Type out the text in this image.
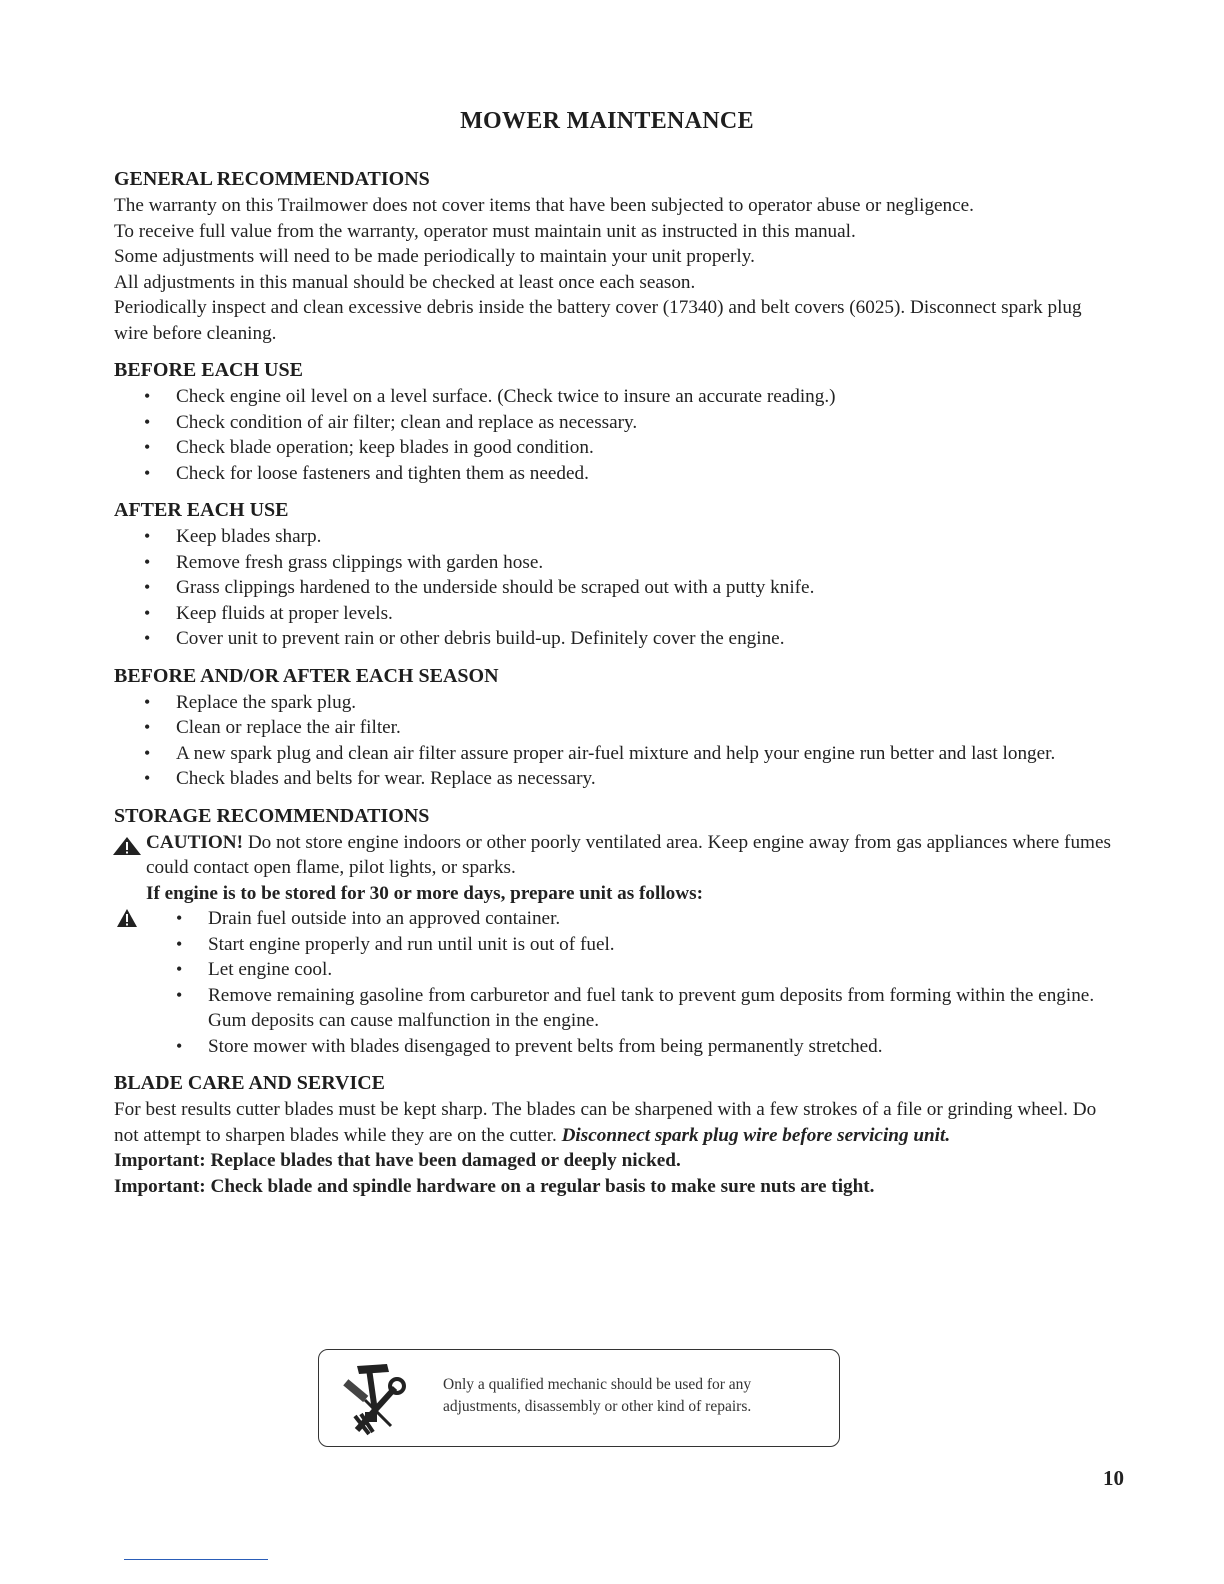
MOWER MAINTENANCE
GENERAL RECOMMENDATIONS

The warranty on this Trailmower does not cover items that have been subjected to operator abuse or negligence.

To receive full value from the warranty, operator must maintain unit as instructed in this manual.

Some adjustments will need to be made periodically to maintain your unit properly.

All adjustments in this manual should be checked at least once each season.

Periodically inspect and clean excessive debris inside the battery cover (17340) and belt covers (6025). Disconnect spark plug wire before cleaning.

BEFORE EACH USE
• Check engine oil level on a level surface. (Check twice to insure an accurate reading.)
• Check condition of air filter; clean and replace as necessary.
• Check blade operation; keep blades in good condition.
• Check for loose fasteners and tighten them as needed.
AFTER EACH USE
• Keep blades sharp.
• Remove fresh grass clippings with garden hose.
• Grass clippings hardened to the underside should be scraped out with a putty knife.
• Keep fluids at proper levels.
• Cover unit to prevent rain or other debris build-up. Definitely cover the engine.
BEFORE AND/OR AFTER EACH SEASON
• Replace the spark plug.
• Clean or replace the air filter.
• A new spark plug and clean air filter assure proper air-fuel mixture and help your engine run better and last longer.
• Check blades and belts for wear. Replace as necessary.
STORAGE RECOMMENDATIONS

CAUTION! Do not store engine indoors or other poorly ventilated area. Keep engine away from gas appliances where fumes could contact open flame, pilot lights, or sparks.

If engine is to be stored for 30 or more days, prepare unit as follows:

• Drain fuel outside into an approved container.
• Start engine properly and run until unit is out of fuel.
• Let engine cool.
• Remove remaining gasoline from carburetor and fuel tank to prevent gum deposits from forming within the engine. Gum deposits can cause malfunction in the engine.
• Store mower with blades disengaged to prevent belts from being permanently stretched.
BLADE CARE AND SERVICE

For best results cutter blades must be kept sharp. The blades can be sharpened with a few strokes of a file or grinding wheel. Do not attempt to sharpen blades while they are on the cutter. Disconnect spark plug wire before servicing unit.

Important: Replace blades that have been damaged or deeply nicked.

Important: Check blade and spindle hardware on a regular basis to make sure nuts are tight.

Only a qualified mechanic should be used for any adjustments, disassembly or other kind of repairs.
10
